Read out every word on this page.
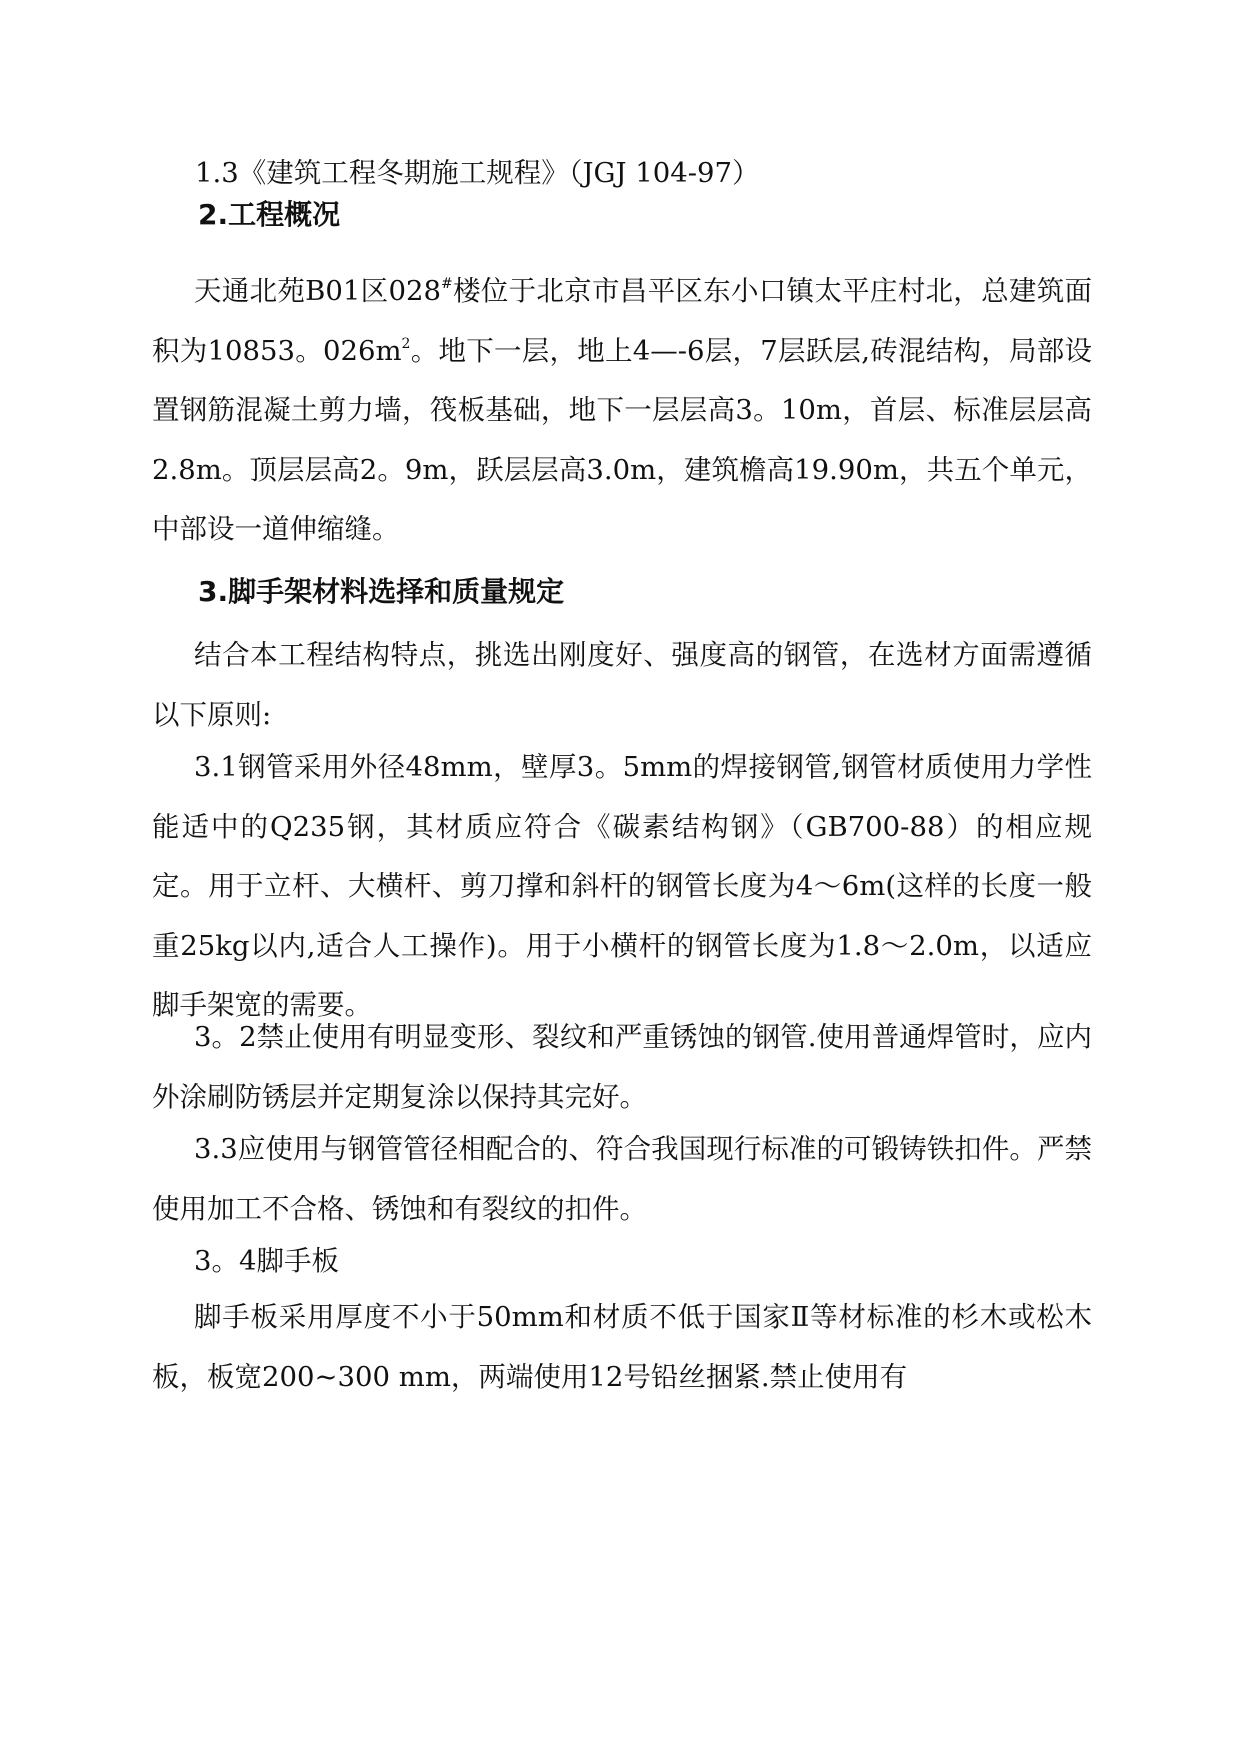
1.3《建筑工程冬期施工规程》（JGJ 104-97）

2.工程概况

天通北苑B01区028#楼位于北京市昌平区东小口镇太平庄村北，总建筑面积为10853。$026m^2$。地下一层，地上4—-6层，7层跃层,砖混结构，局部设置钢筋混凝土剪力墙，筏板基础，地下一层层高3。10m，首层、标准层层高2.8m。顶层层高2。9m，跃层层高3.0m，建筑檐高19.90m，共五个单元，中部设一道伸缩缝。

3.脚手架材料选择和质量规定

结合本工程结构特点，挑选出刚度好、强度高的钢管，在选材方面需遵循以下原则:

3.1钢管采用外径48mm，壁厚3。5mm的焊接钢管,钢管材质使用力学性能适中的Q235钢，其材质应符合《碳素结构钢》（GB700-88）的相应规定。用于立杆、大横杆、剪刀撑和斜杆的钢管长度为4～6m(这样的长度一般重25kg以内,适合人工操作)。用于小横杆的钢管长度为1.8～2.0m，以适应脚手架宽的需要。

3。2禁止使用有明显变形、裂纹和严重锈蚀的钢管.使用普通焊管时，应内外涂刷防锈层并定期复涂以保持其完好。

3.3应使用与钢管管径相配合的、符合我国现行标准的可锻铸铁扣件。严禁使用加工不合格、锈蚀和有裂纹的扣件。

3。4脚手板

脚手板采用厚度不小于50mm和材质不低于国家Ⅱ等材标准的杉木或松木板，板宽200~300 mm，两端使用12号铅丝捆紧.禁止使用有
